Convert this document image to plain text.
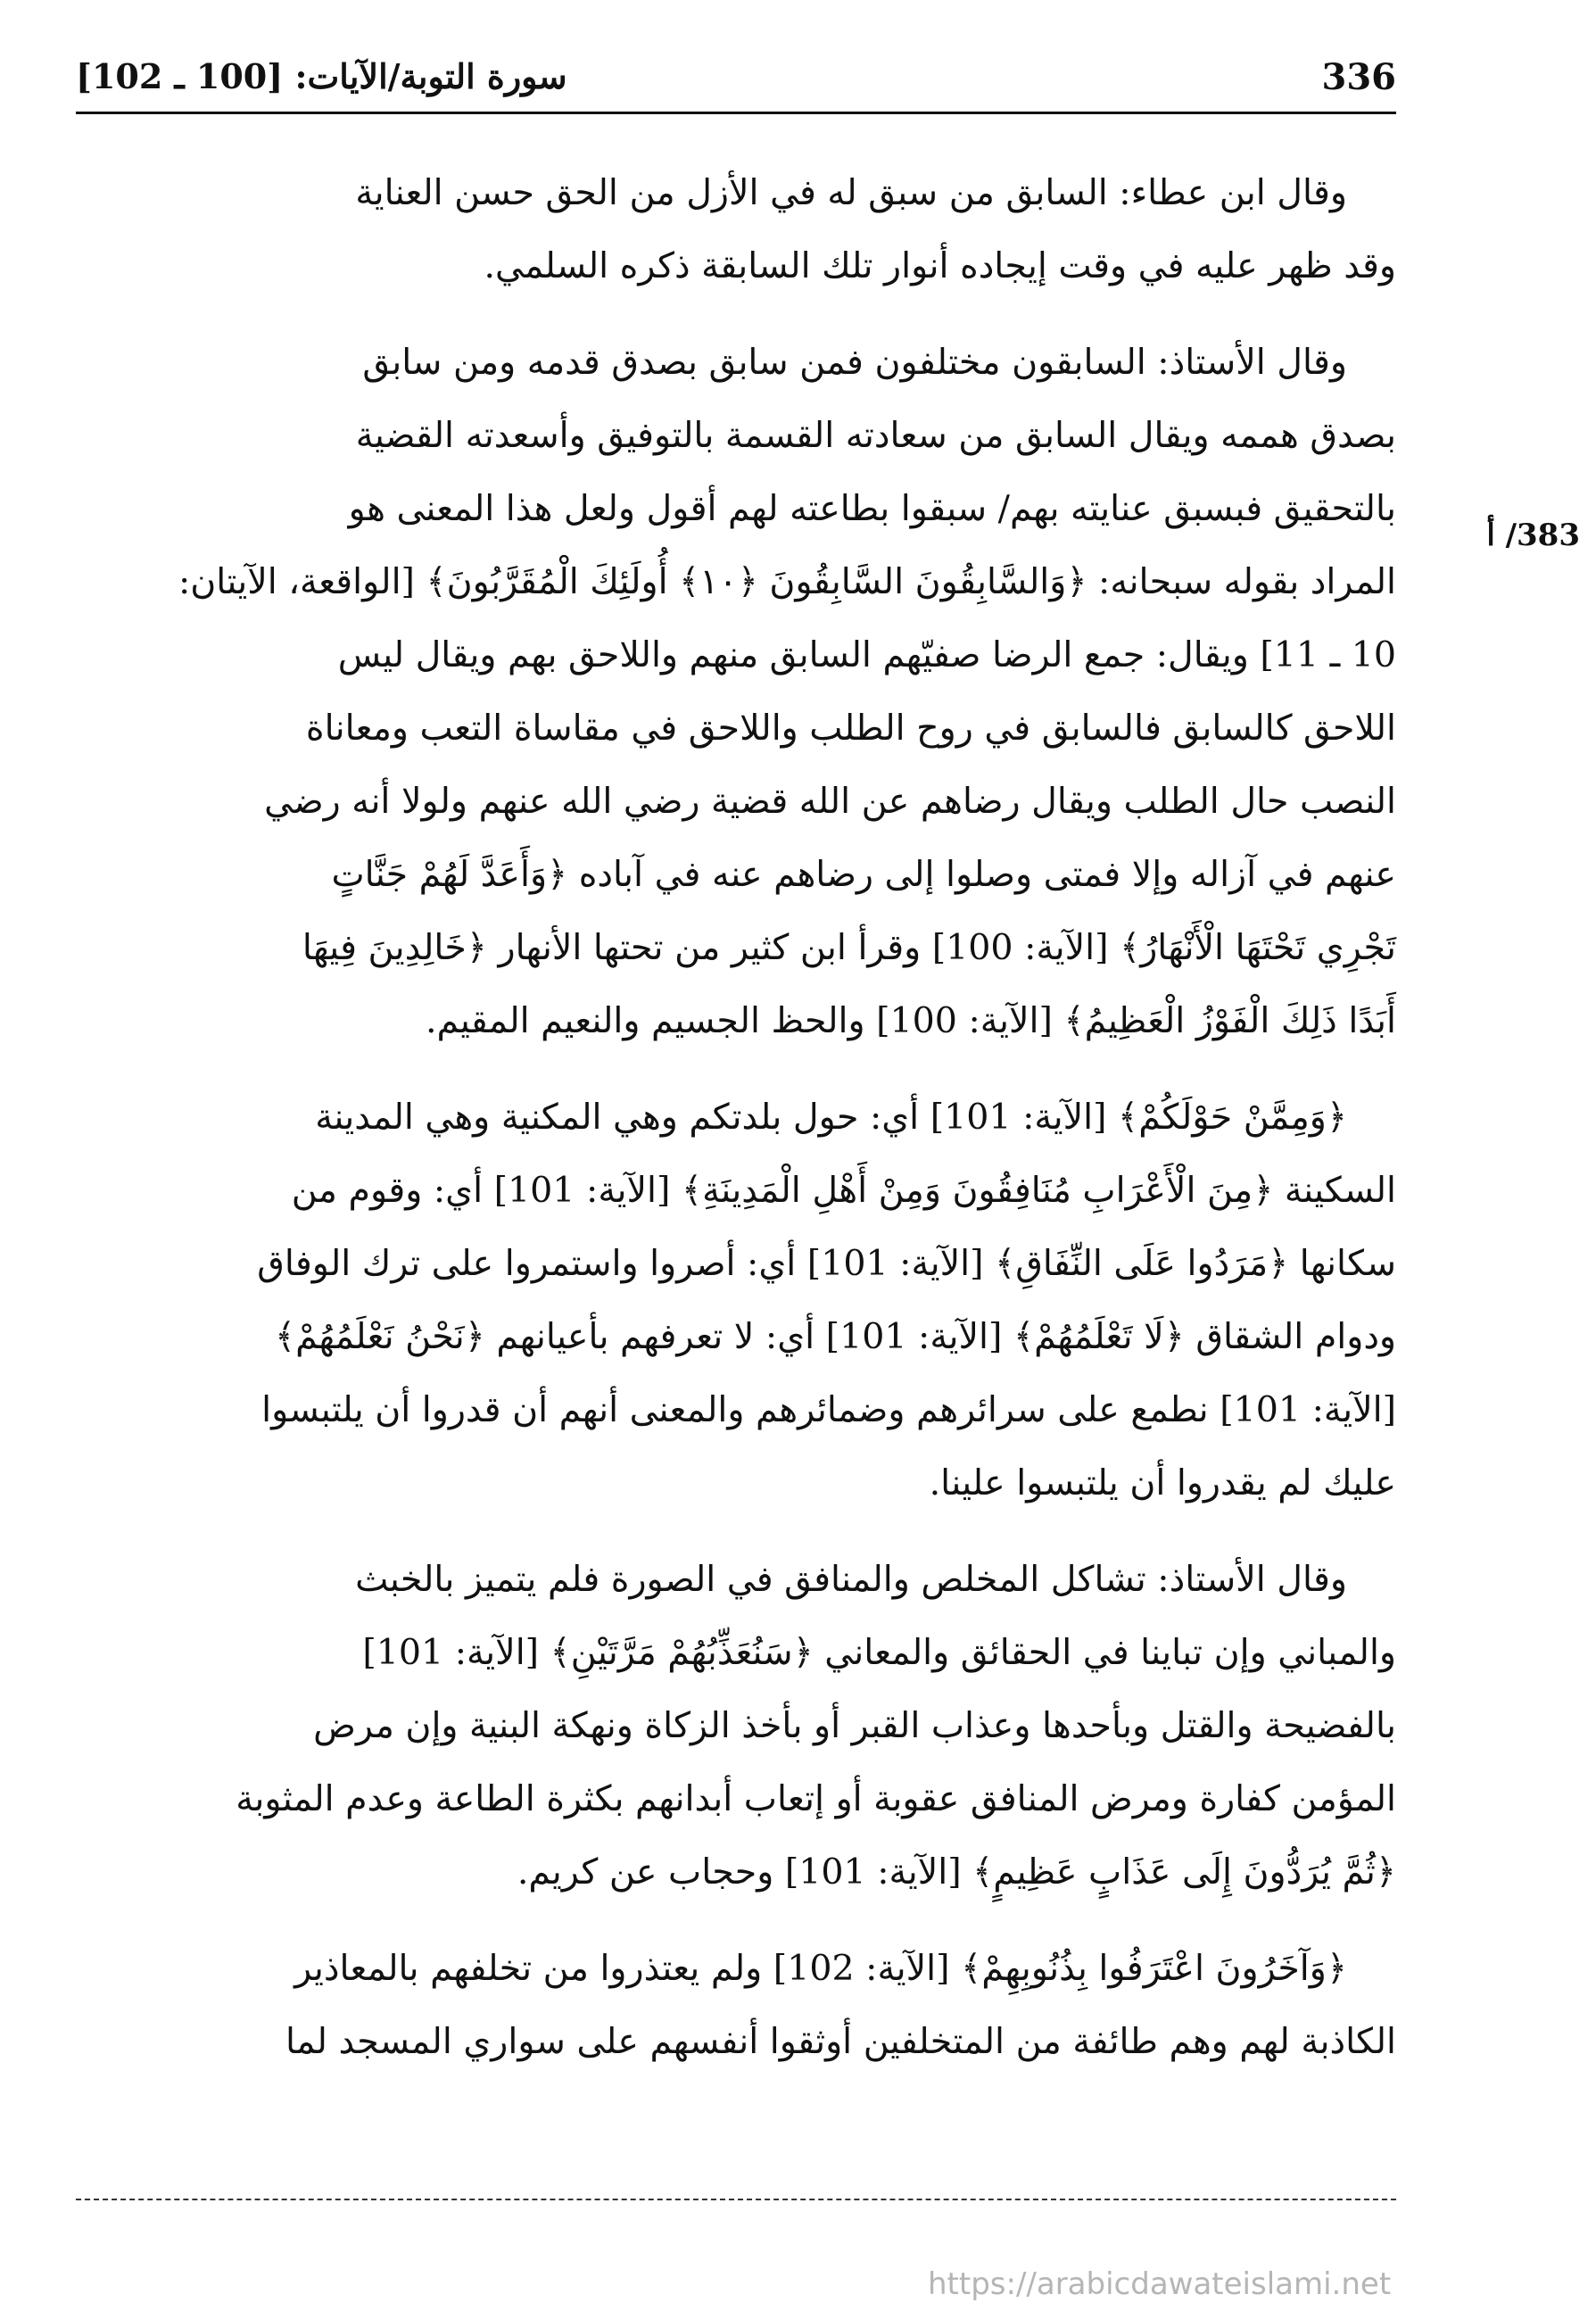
336
سورة التوبة/الآيات: [100 ـ 102]
383/ أ

وقال ابن عطاء: السابق من سبق له في الأزل من الحق حسن العناية
وقد ظهر عليه في وقت إيجاده أنوار تلك السابقة ذكره السلمي.

وقال الأستاذ: السابقون مختلفون فمن سابق بصدق قدمه ومن سابق
بصدق هممه ويقال السابق من سعادته القسمة بالتوفيق وأسعدته القضية
بالتحقيق فبسبق عنايته بهم/ سبقوا بطاعته لهم أقول ولعل هذا المعنى هو
المراد بقوله سبحانه: ﴿وَالسَّابِقُونَ السَّابِقُونَ ﴿١٠﴾ أُولَئِكَ الْمُقَرَّبُونَ﴾ [الواقعة، الآيتان:
10 ـ 11] ويقال: جمع الرضا صفيّهم السابق منهم واللاحق بهم ويقال ليس
اللاحق كالسابق فالسابق في روح الطلب واللاحق في مقاساة التعب ومعاناة
النصب حال الطلب ويقال رضاهم عن الله قضية رضي الله عنهم ولولا أنه رضي
عنهم في آزاله وإلا فمتى وصلوا إلى رضاهم عنه في آباده ﴿وَأَعَدَّ لَهُمْ جَنَّاتٍ
تَجْرِي تَحْتَهَا الْأَنْهَارُ﴾ [الآية: 100] وقرأ ابن كثير من تحتها الأنهار ﴿خَالِدِينَ فِيهَا
أَبَدًا ذَلِكَ الْفَوْزُ الْعَظِيمُ﴾ [الآية: 100] والحظ الجسيم والنعيم المقيم.

﴿وَمِمَّنْ حَوْلَكُمْ﴾ [الآية: 101] أي: حول بلدتكم وهي المكنية وهي المدينة
السكينة ﴿مِنَ الْأَعْرَابِ مُنَافِقُونَ وَمِنْ أَهْلِ الْمَدِينَةِ﴾ [الآية: 101] أي: وقوم من
سكانها ﴿مَرَدُوا عَلَى النِّفَاقِ﴾ [الآية: 101] أي: أصروا واستمروا على ترك الوفاق
ودوام الشقاق ﴿لَا تَعْلَمُهُمْ﴾ [الآية: 101] أي: لا تعرفهم بأعيانهم ﴿نَحْنُ نَعْلَمُهُمْ﴾
[الآية: 101] نطمع على سرائرهم وضمائرهم والمعنى أنهم أن قدروا أن يلتبسوا
عليك لم يقدروا أن يلتبسوا علينا.

وقال الأستاذ: تشاكل المخلص والمنافق في الصورة فلم يتميز بالخبث
والمباني وإن تباينا في الحقائق والمعاني ﴿سَنُعَذِّبُهُمْ مَرَّتَيْنِ﴾ [الآية: 101]
بالفضيحة والقتل وبأحدها وعذاب القبر أو بأخذ الزكاة ونهكة البنية وإن مرض
المؤمن كفارة ومرض المنافق عقوبة أو إتعاب أبدانهم بكثرة الطاعة وعدم المثوبة
﴿ثُمَّ يُرَدُّونَ إِلَى عَذَابٍ عَظِيمٍ﴾ [الآية: 101] وحجاب عن كريم.

﴿وَآخَرُونَ اعْتَرَفُوا بِذُنُوبِهِمْ﴾ [الآية: 102] ولم يعتذروا من تخلفهم بالمعاذير
الكاذبة لهم وهم طائفة من المتخلفين أوثقوا أنفسهم على سواري المسجد لما

https://arabicdawateislami.net
